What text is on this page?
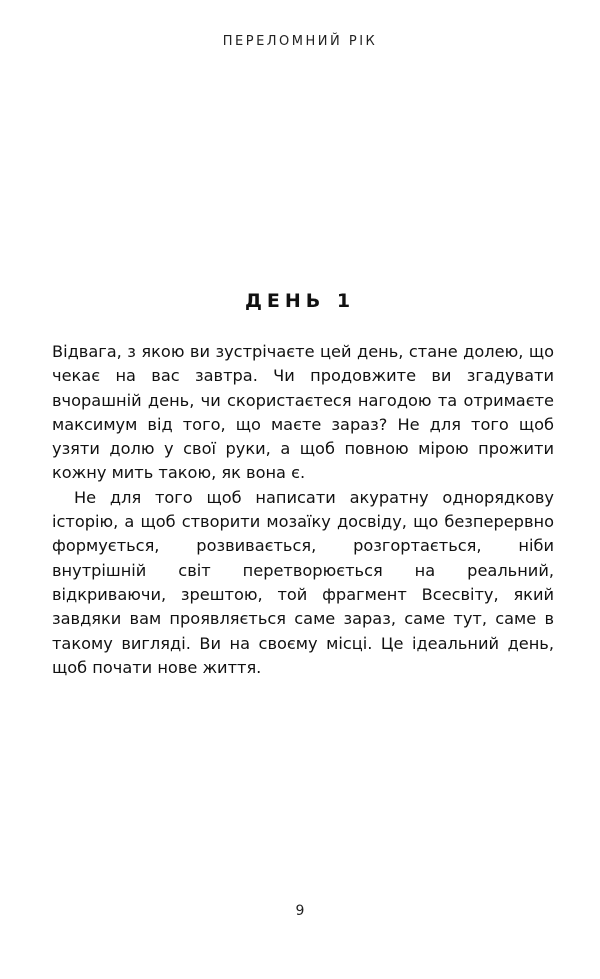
ПЕРЕЛОМНИЙ РІК
ДЕНЬ 1

Відвага, з якою ви зустрічаєте цей день, стане долею, що чекає на вас завтра. Чи продовжите ви згадувати вчорашній день, чи скористаєтеся нагодою та отримаєте максимум від того, що маєте зараз? Не для того щоб узяти долю у свої руки, а щоб повною мірою прожити кожну мить такою, як вона є.

Не для того щоб написати акуратну однорядкову історію, а щоб створити мозаїку досвіду, що безперервно формується, розвивається, розгортається, ніби внутрішній світ перетворюється на реальний, відкриваючи, зрештою, той фрагмент Всесвіту, який завдяки вам проявляється саме зараз, саме тут, саме в такому вигляді. Ви на своєму місці. Це ідеальний день, щоб почати нове життя.

9
